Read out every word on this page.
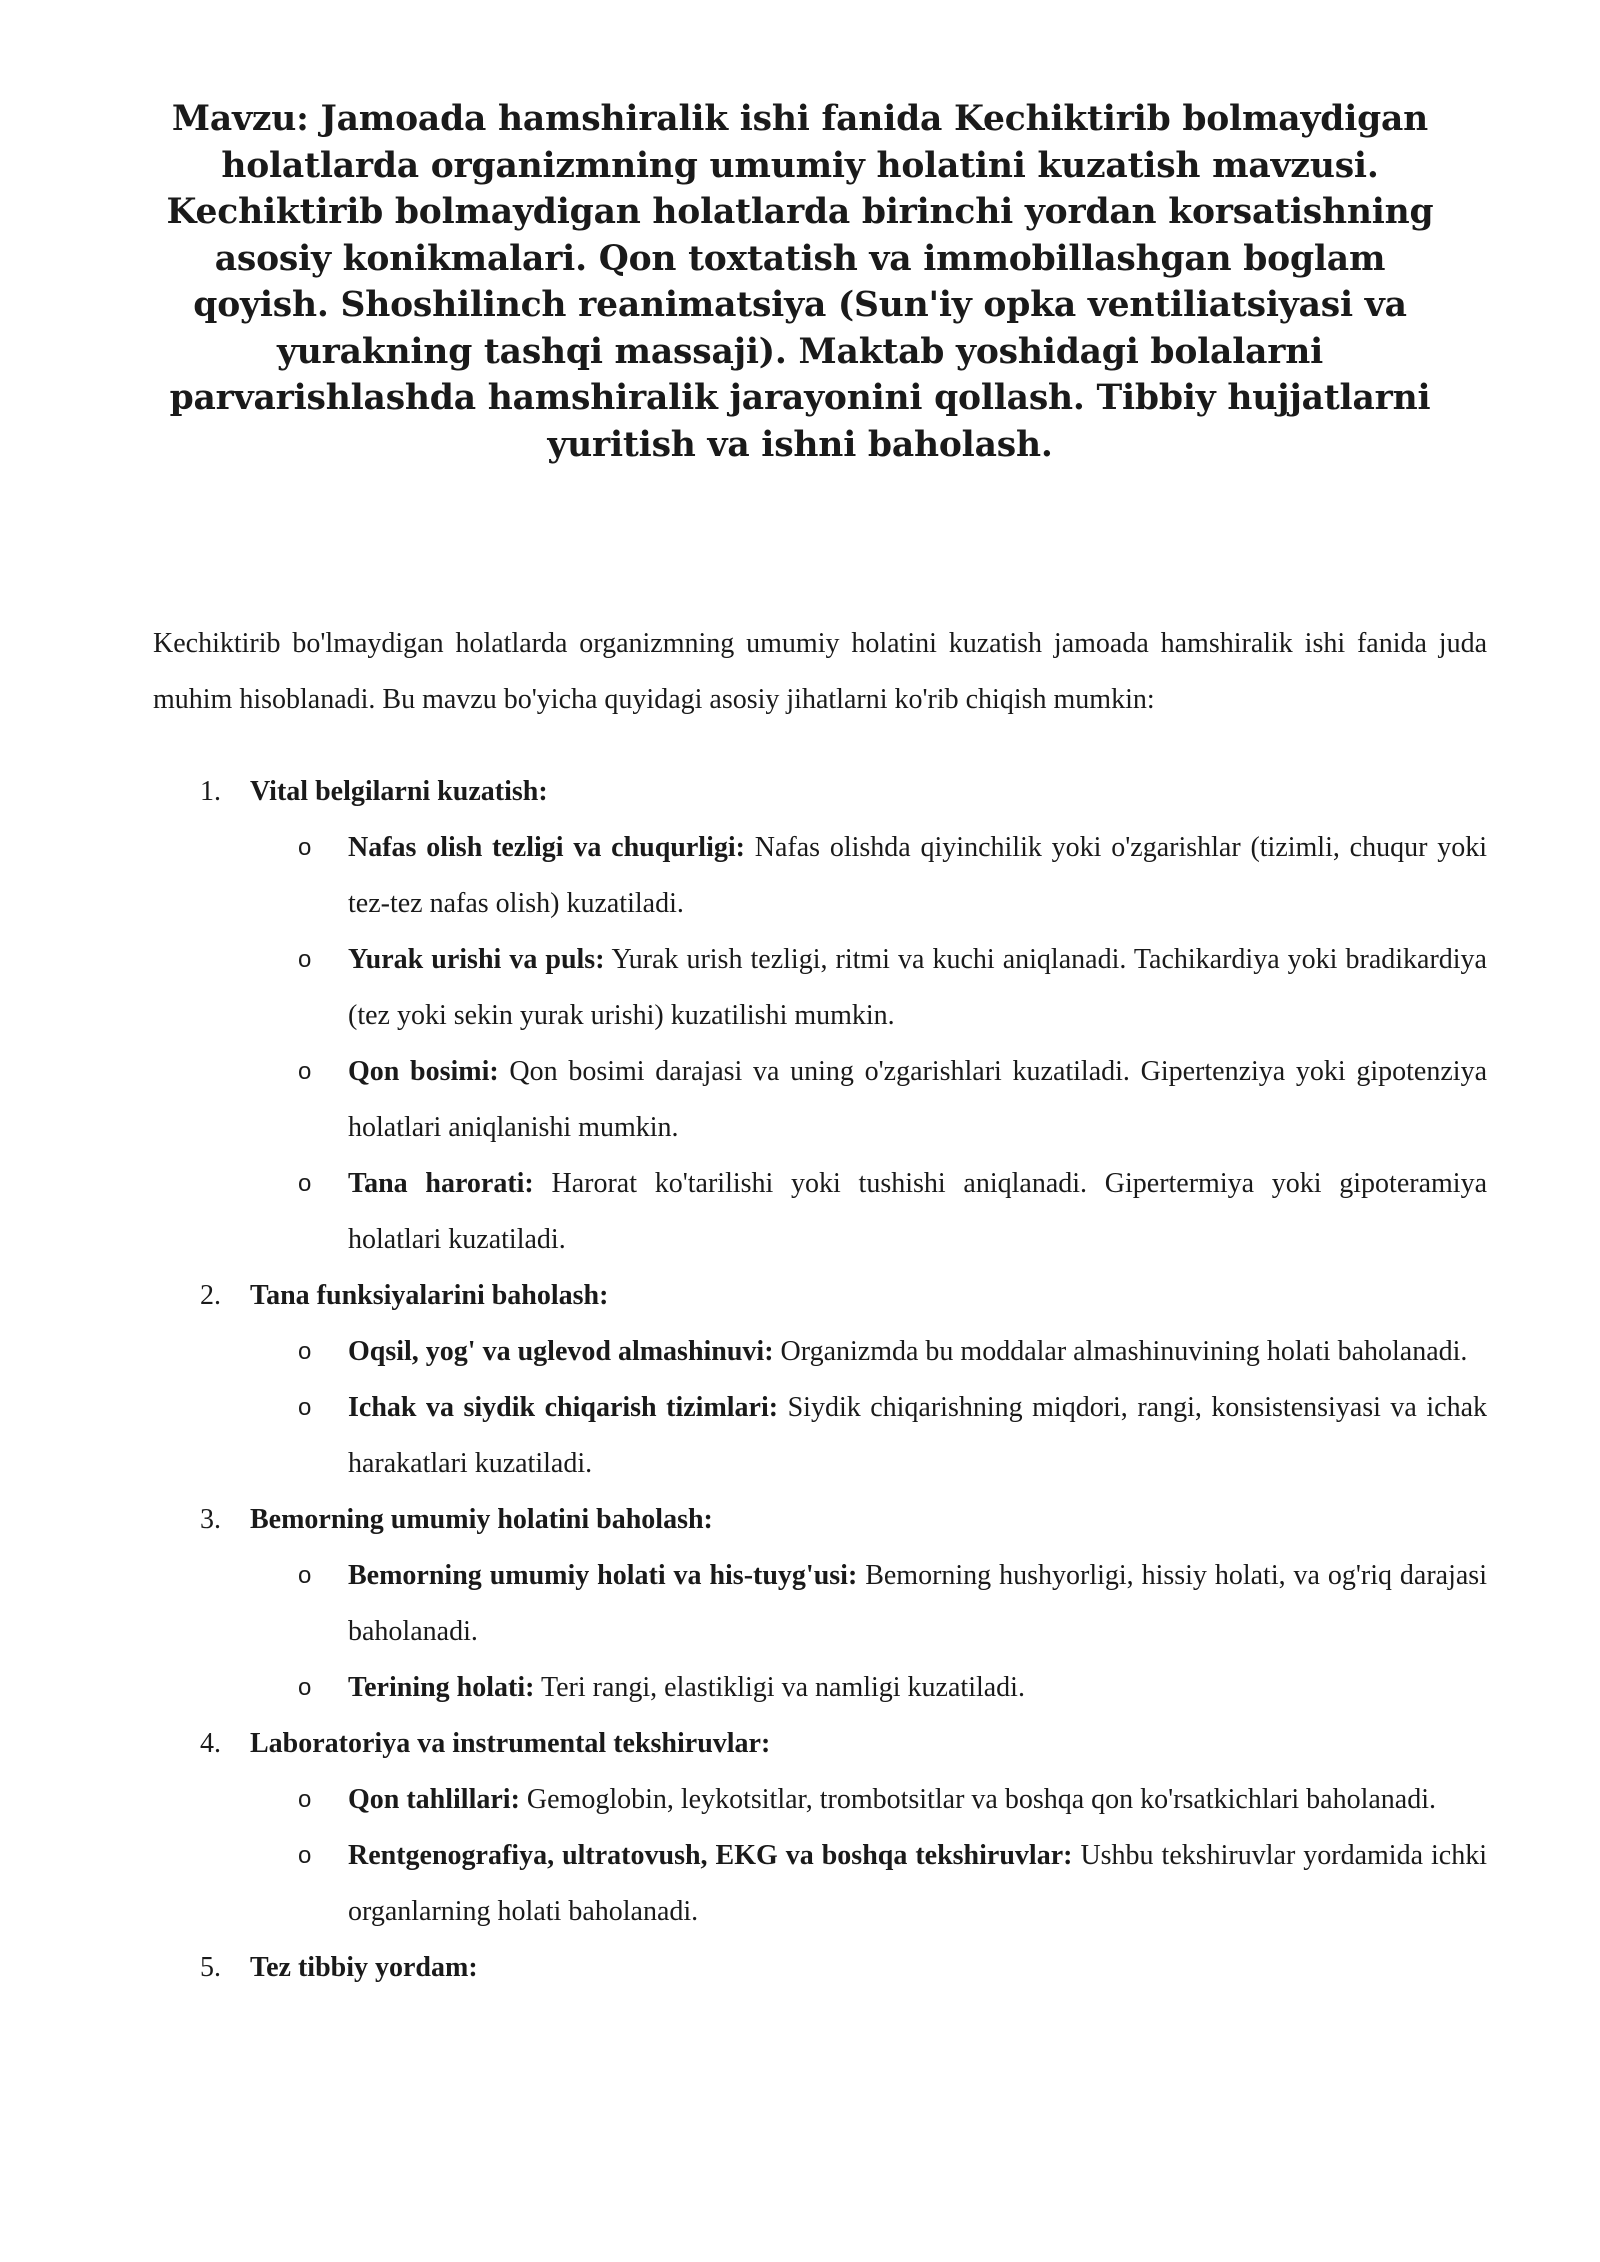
Mavzu: Jamoada hamshiralik ishi fanida Kechiktirib bolmaydigan holatlarda organizmning umumiy holatini kuzatish mavzusi. Kechiktirib bolmaydigan holatlarda birinchi yordan korsatishning asosiy konikmalari. Qon toxtatish va immobillashgan boglam qoyish. Shoshilinch reanimatsiya (Sun'iy opka ventiliatsiyasi va yurakning tashqi massaji). Maktab yoshidagi bolalarni parvarishlashda hamshiralik jarayonini qollash. Tibbiy hujjatlarni yuritish va ishni baholash.

Kechiktirib bo'lmaydigan holatlarda organizmning umumiy holatini kuzatish jamoada hamshiralik ishi fanida juda muhim hisoblanadi. Bu mavzu bo'yicha quyidagi asosiy jihatlarni ko'rib chiqish mumkin:

1. Vital belgilarni kuzatish:
o Nafas olish tezligi va chuqurligi: Nafas olishda qiyinchilik yoki o'zgarishlar (tizimli, chuqur yoki tez-tez nafas olish) kuzatiladi.
o Yurak urishi va puls: Yurak urish tezligi, ritmi va kuchi aniqlanadi. Tachikardiya yoki bradikardiya (tez yoki sekin yurak urishi) kuzatilishi mumkin.
o Qon bosimi: Qon bosimi darajasi va uning o'zgarishlari kuzatiladi. Gipertenziya yoki gipotenziya holatlari aniqlanishi mumkin.
o Tana harorati: Harorat ko'tarilishi yoki tushishi aniqlanadi. Gipertermiya yoki gipoteramiya holatlari kuzatiladi.
2. Tana funksiyalarini baholash:
o Oqsil, yog' va uglevod almashinuvi: Organizmda bu moddalar almashinuvining holati baholanadi.
o Ichak va siydik chiqarish tizimlari: Siydik chiqarishning miqdori, rangi, konsistensiyasi va ichak harakatlari kuzatiladi.
3. Bemorning umumiy holatini baholash:
o Bemorning umumiy holati va his-tuyg'usi: Bemorning hushyorligi, hissiy holati, va og'riq darajasi baholanadi.
o Terining holati: Teri rangi, elastikligi va namligi kuzatiladi.
4. Laboratoriya va instrumental tekshiruvlar:
o Qon tahlillari: Gemoglobin, leykotsitlar, trombotsitlar va boshqa qon ko'rsatkichlari baholanadi.
o Rentgenografiya, ultratovush, EKG va boshqa tekshiruvlar: Ushbu tekshiruvlar yordamida ichki organlarning holati baholanadi.
5. Tez tibbiy yordam:
